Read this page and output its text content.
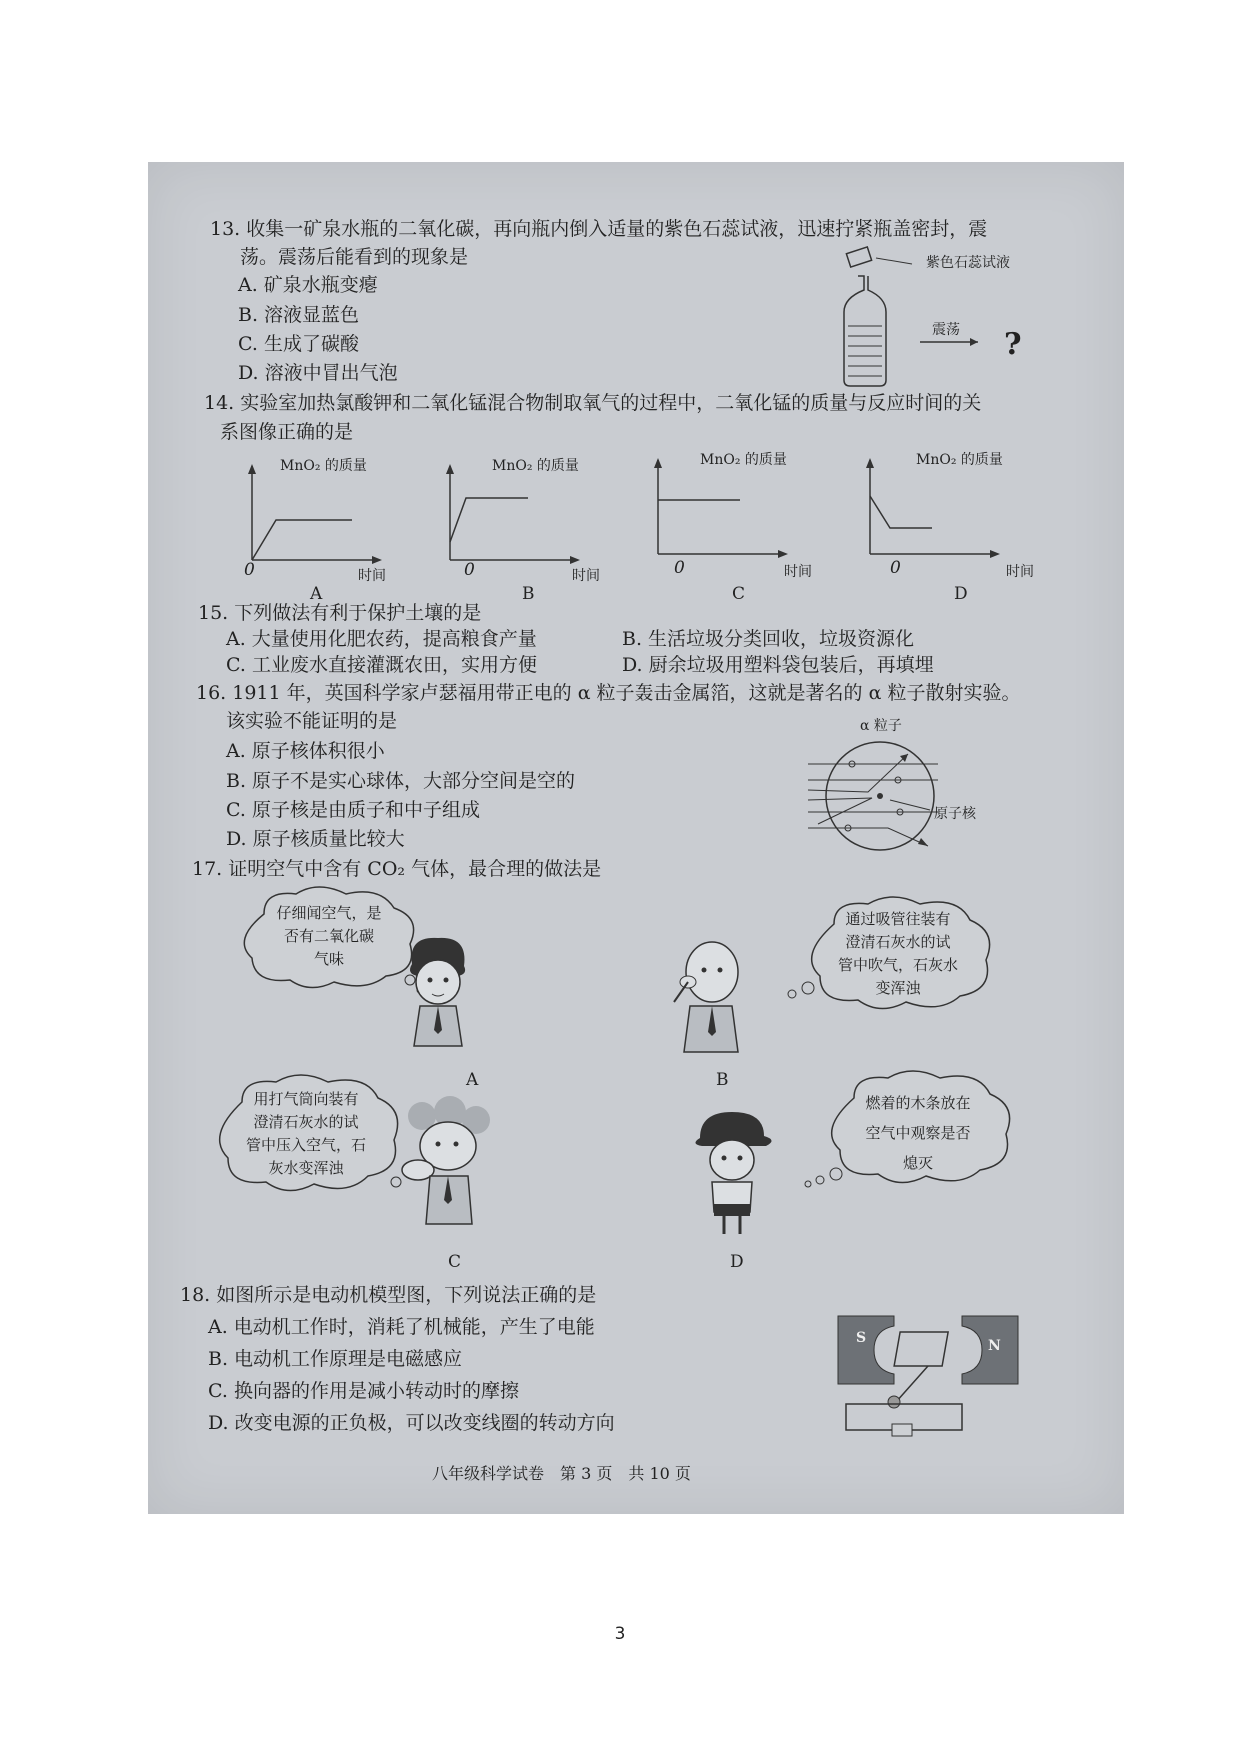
13. 收集一矿泉水瓶的二氧化碳，再向瓶内倒入适量的紫色石蕊试液，迅速拧紧瓶盖密封，震
荡。震荡后能看到的现象是
A. 矿泉水瓶变瘪
B. 溶液显蓝色
C. 生成了碳酸
D. 溶液中冒出气泡
紫色石蕊试液
震荡 ?
14. 实验室加热氯酸钾和二氧化锰混合物制取氧气的过程中，二氧化锰的质量与反应时间的关
系图像正确的是
MnO₂ 的质量
0	时间
A
MnO₂ 的质量
0	时间
B
MnO₂ 的质量
0	时间
C
MnO₂ 的质量
0	时间
D
15. 下列做法有利于保护土壤的是
A. 大量使用化肥农药，提高粮食产量	B. 生活垃圾分类回收，垃圾资源化
C. 工业废水直接灌溉农田，实用方便	D. 厨余垃圾用塑料袋包装后，再填埋
16. 1911 年，英国科学家卢瑟福用带正电的 α 粒子轰击金属箔，这就是著名的 α 粒子散射实验。
该实验不能证明的是
A. 原子核体积很小
B. 原子不是实心球体，大部分空间是空的
C. 原子核是由质子和中子组成
D. 原子核质量比较大
α 粒子
原子核
17. 证明空气中含有 CO₂ 气体，最合理的做法是
仔细闻空气，是
否有二氧化碳
气味
A
通过吸管往装有
澄清石灰水的试
管中吹气，石灰水
变浑浊
B
用打气筒向装有
澄清石灰水的试
管中压入空气，石
灰水变浑浊
C
燃着的木条放在
空气中观察是否
熄灭
D
18. 如图所示是电动机模型图，下列说法正确的是
A. 电动机工作时，消耗了机械能，产生了电能
B. 电动机工作原理是电磁感应
C. 换向器的作用是减小转动时的摩擦
D. 改变电源的正负极，可以改变线圈的转动方向
S	N
八年级科学试卷　第 3 页　共 10 页
3
